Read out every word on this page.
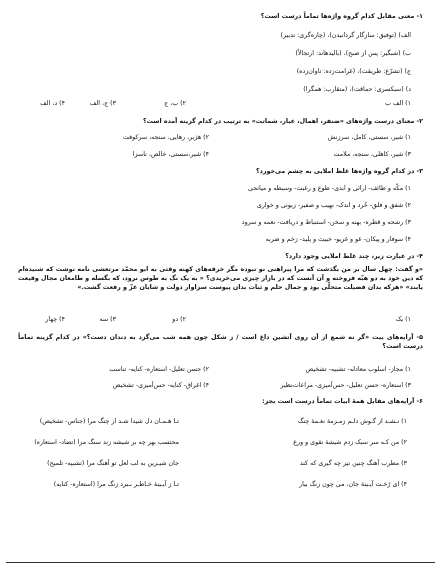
۱- معنی مقابل کدام گروه واژه‌ها تماماً درست است؟
الف) (توفیق: سازگار گردانیدن)، (چاره‌گری: تدبیر)
ب) (شبگیر: پس از صبح)، (بالیدهاند: ارتجالاً)
ج) (تشرّع: طریقت)، (غرامت‌زده: تاوان‌زده)
د) (سبکسری: حماقت)، (متقارب: همگرا)
۱) الف ب
۲) ب، ج
۳) ج، الف
۴) د، الف
۲- معنای درست واژه‌های «ضنفر، اهمال، عیار، شماتت» به ترتیب در کدام گزینه آمده است؟
۱) شیر، سستی، کامل، سرزنش
۲) هژبر، رهایی، سنجه، سرکوفت
۳) شیر، کاهلی، سنجه، ملامت
۴) شیر،سستی، خالص، ناسزا
۳- در کدام گروه واژه‌ها غلط املایی به چشم می‌خورد؟
۱) مکّه و طائف- ارائی و ابدی- طوع و رغبت- وسیطه و میانجی
۲) شفق و فلق- خُرد و اندک- نهیب و صفیر- زبونی و خواری
۳) رشحه و قطره- بهنه و سخن- استنباط و دریافت- نغمه و سرود
۴) سوفار و پیکان- غو و غریو- خبیث و پلید- زخم و ضربه
۴- در عبارت زیر، چند غلط املایی وجود دارد؟
«و گفت: چهل سال بر من بگذشت که مرا پیراهنی نو نبوده مگر خرقه‌های کهنه وقتی به ابو محمّد مرتعشی نامه نوشت که شنیده‌ام که دین خود به دو هبّه فروخته و آن آنست که در بازار چیزی می‌خریدی؟ « به یک نگ به طوس نرود، که بگسله و طامعان مجال وقیعت یابند» «هرکه بدان فضیلت متحلّی بود و جمال حلم و ثبات بدان پیوست سزاوار دولت و شایان عزّ و رفعت گشت.»
۱) یک
۲) دو
۳) سه
۴) چهار
۵- آرایه‌های بیت «گر نه شمع از آن روی آتشین داغ است / ز شکل چون همه شب می‌گزد به دندان دست؟» در کدام گزینه تماماً درست است؟
۱) مجاز- اسلوب معادله- تشبیه- تشخیص
۲) حسن تعلیل- استعاره- کنایه- تناسب
۳) استعاره- حسن تعلیل- حس‌آمیزی- مراعات‌نظیر
۴) اغراق- کنایه- حس‌آمیزی- تشخیص
۶- آرایه‌های مقابل همهٔ ابیات تماماً درست است بجز:
۱) نـشـد از گـوش دلـم زمـزمهٔ نغـمهٔ چنگ
تـا هـمـان دل شیدا شـد از چنگ مرا (جناس- تشخیص)
۲) من کـه سر سبک زدم شیشهٔ تقوی و ورع
محتسب بهر چه بر شیشه زند سنگ مرا (تضاد- استعاره)
۳) مطرب آهنگ چنین تیز چه گیری که کند
جان شیـرین به لب لعل تو آهنگ مرا (تشبیه- تلمیح)
۴) ای رُخـت آیـینهٔ جان، می چون زنگ بیار
تـا ز آیـینهٔ خـاطـر بـبرد زنگ مرا (استعاره- کنایه)
